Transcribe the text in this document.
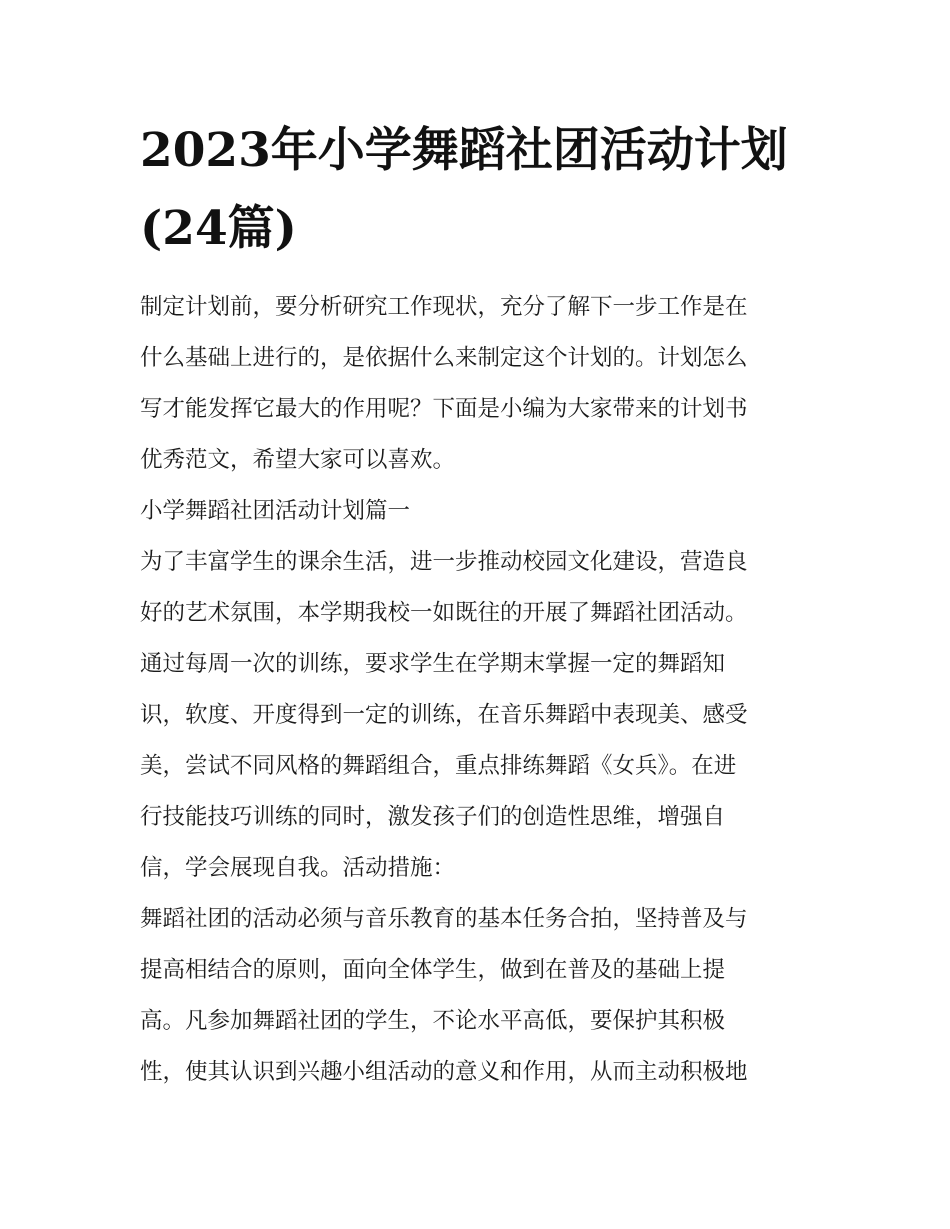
2023年小学舞蹈社团活动计划
(24篇)

制定计划前，要分析研究工作现状，充分了解下一步工作是在
什么基础上进行的，是依据什么来制定这个计划的。计划怎么
写才能发挥它最大的作用呢？下面是小编为大家带来的计划书
优秀范文，希望大家可以喜欢。

小学舞蹈社团活动计划篇一

为了丰富学生的课余生活，进一步推动校园文化建设，营造良
好的艺术氛围，本学期我校一如既往的开展了舞蹈社团活动。
通过每周一次的训练，要求学生在学期末掌握一定的舞蹈知
识，软度、开度得到一定的训练，在音乐舞蹈中表现美、感受
美，尝试不同风格的舞蹈组合，重点排练舞蹈《女兵》。在进
行技能技巧训练的同时，激发孩子们的创造性思维，增强自
信，学会展现自我。活动措施：

舞蹈社团的活动必须与音乐教育的基本任务合拍，坚持普及与
提高相结合的原则，面向全体学生，做到在普及的基础上提
高。凡参加舞蹈社团的学生，不论水平高低，要保护其积极
性，使其认识到兴趣小组活动的意义和作用，从而主动积极地
